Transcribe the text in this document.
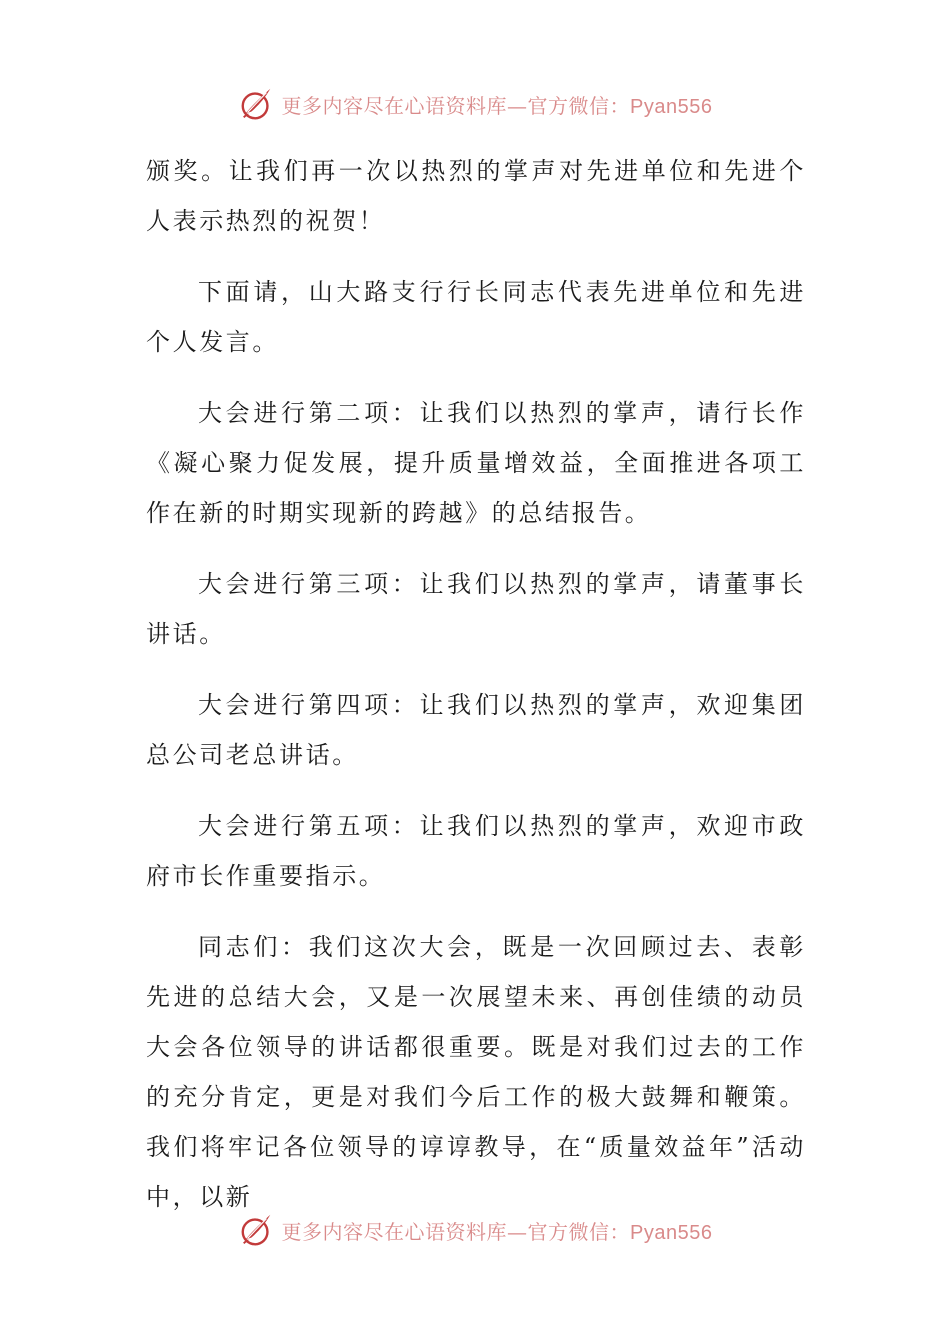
更多内容尽在心语资料库—官方微信：Pyan556

颁奖。让我们再一次以热烈的掌声对先进单位和先进个人表示热烈的祝贺！

下面请，山大路支行行长同志代表先进单位和先进个人发言。

大会进行第二项：让我们以热烈的掌声，请行长作《凝心聚力促发展，提升质量增效益，全面推进各项工作在新的时期实现新的跨越》的总结报告。

大会进行第三项：让我们以热烈的掌声，请董事长讲话。

大会进行第四项：让我们以热烈的掌声，欢迎集团总公司老总讲话。

大会进行第五项：让我们以热烈的掌声，欢迎市政府市长作重要指示。

同志们：我们这次大会，既是一次回顾过去、表彰先进的总结大会，又是一次展望未来、再创佳绩的动员大会各位领导的讲话都很重要。既是对我们过去的工作的充分肯定，更是对我们今后工作的极大鼓舞和鞭策。我们将牢记各位领导的谆谆教导，在“质量效益年”活动中，以新

更多内容尽在心语资料库—官方微信：Pyan556
